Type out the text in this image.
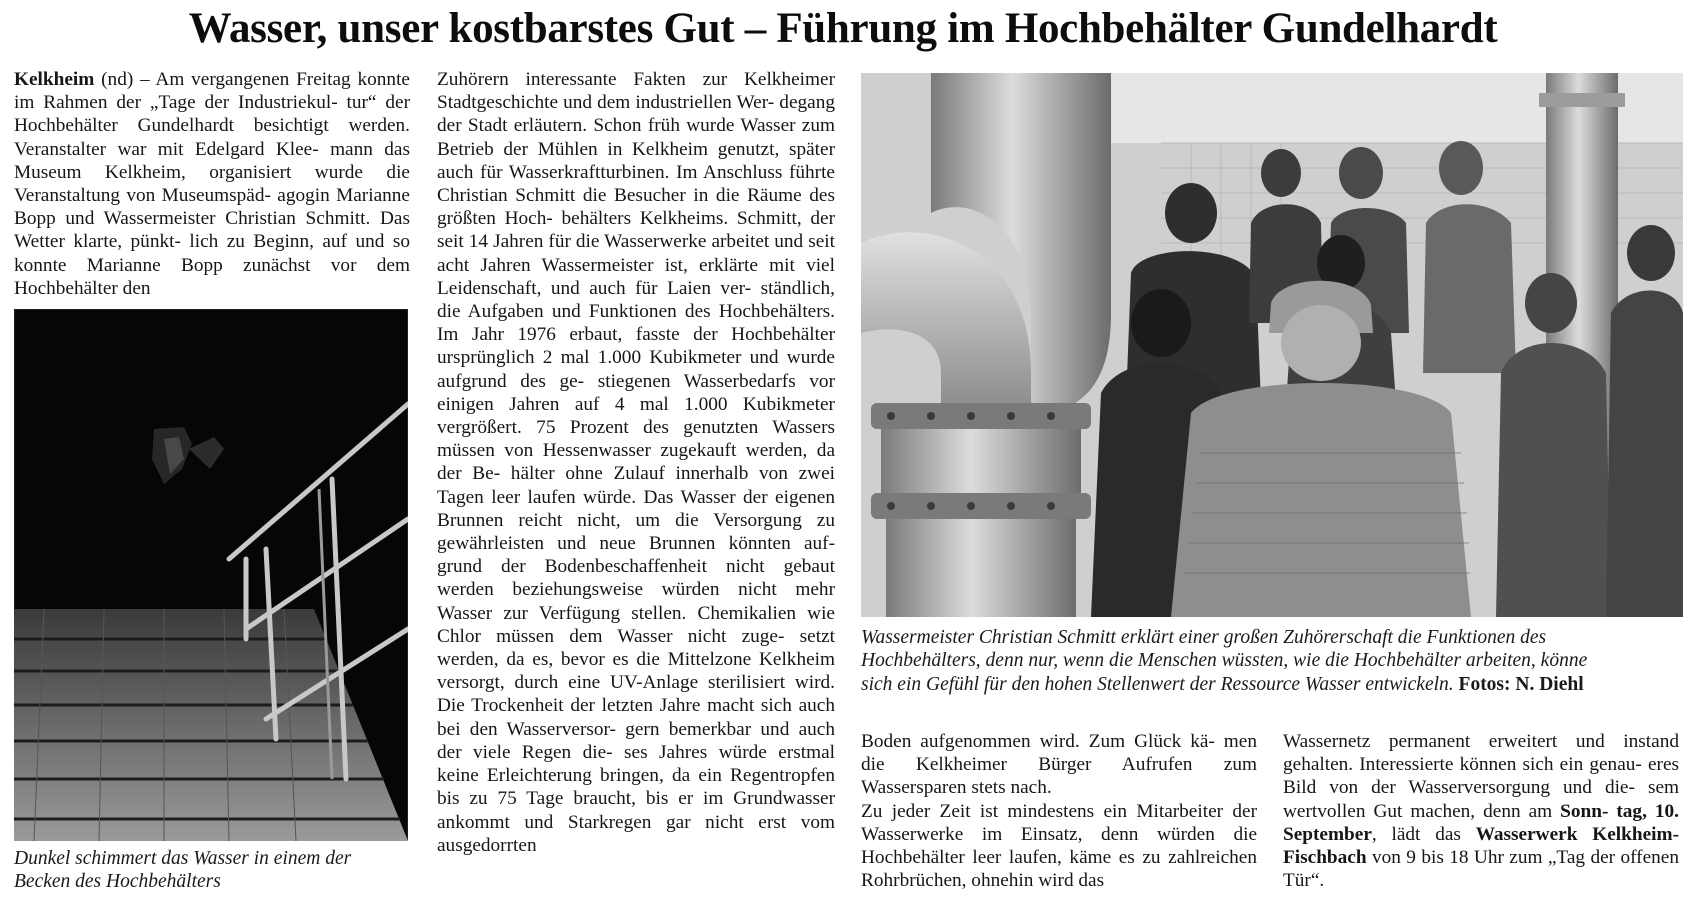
Wasser, unser kostbarstes Gut – Führung im Hochbehälter Gundelhardt

Kelkheim (nd) – Am vergangenen Freitag konnte im Rahmen der „Tage der Industriekul- tur“ der Hochbehälter Gundelhardt besichtigt werden. Veranstalter war mit Edelgard Klee- mann das Museum Kelkheim, organisiert wurde die Veranstaltung von Museumspäd- agogin Marianne Bopp und Wassermeister Christian Schmitt. Das Wetter klarte, pünkt- lich zu Beginn, auf und so konnte Marianne Bopp zunächst vor dem Hochbehälter den

Dunkel schimmert das Wasser in einem der
Becken des Hochbehälters

Zuhörern interessante Fakten zur Kelkheimer Stadtgeschichte und dem industriellen Wer- degang der Stadt erläutern. Schon früh wurde Wasser zum Betrieb der Mühlen in Kelkheim genutzt, später auch für Wasserkraftturbinen. Im Anschluss führte Christian Schmitt die Besucher in die Räume des größten Hoch- behälters Kelkheims. Schmitt, der seit 14 Jahren für die Wasserwerke arbeitet und seit acht Jahren Wassermeister ist, erklärte mit viel Leidenschaft, und auch für Laien ver- ständlich, die Aufgaben und Funktionen des Hochbehälters. Im Jahr 1976 erbaut, fasste der Hochbehälter ursprünglich 2 mal 1.000 Kubikmeter und wurde aufgrund des ge- stiegenen Wasserbedarfs vor einigen Jahren auf 4 mal 1.000 Kubikmeter vergrößert. 75 Prozent des genutzten Wassers müssen von Hessenwasser zugekauft werden, da der Be- hälter ohne Zulauf innerhalb von zwei Tagen leer laufen würde. Das Wasser der eigenen Brunnen reicht nicht, um die Versorgung zu gewährleisten und neue Brunnen könnten auf- grund der Bodenbeschaffenheit nicht gebaut werden beziehungsweise würden nicht mehr Wasser zur Verfügung stellen. Chemikalien wie Chlor müssen dem Wasser nicht zuge- setzt werden, da es, bevor es die Mittelzone Kelkheim versorgt, durch eine UV-Anlage sterilisiert wird. Die Trockenheit der letzten Jahre macht sich auch bei den Wasserversor- gern bemerkbar und auch der viele Regen die- ses Jahres würde erstmal keine Erleichterung bringen, da ein Regentropfen bis zu 75 Tage braucht, bis er im Grundwasser ankommt und Starkregen gar nicht erst vom ausgedorrten

Wassermeister Christian Schmitt erklärt einer großen Zuhörerschaft die Funktionen des
Hochbehälters, denn nur, wenn die Menschen wüssten, wie die Hochbehälter arbeiten, könne
sich ein Gefühl für den hohen Stellenwert der Ressource Wasser entwickeln. Fotos: N. Diehl

Boden aufgenommen wird. Zum Glück kä- men die Kelkheimer Bürger Aufrufen zum Wassersparen stets nach.

Zu jeder Zeit ist mindestens ein Mitarbeiter der Wasserwerke im Einsatz, denn würden die Hochbehälter leer laufen, käme es zu zahlreichen Rohrbrüchen, ohnehin wird das

Wassernetz permanent erweitert und instand gehalten. Interessierte können sich ein genau- eres Bild von der Wasserversorgung und die- sem wertvollen Gut machen, denn am Sonn- tag, 10. September, lädt das Wasserwerk Kelkheim-Fischbach von 9 bis 18 Uhr zum „Tag der offenen Tür“.
